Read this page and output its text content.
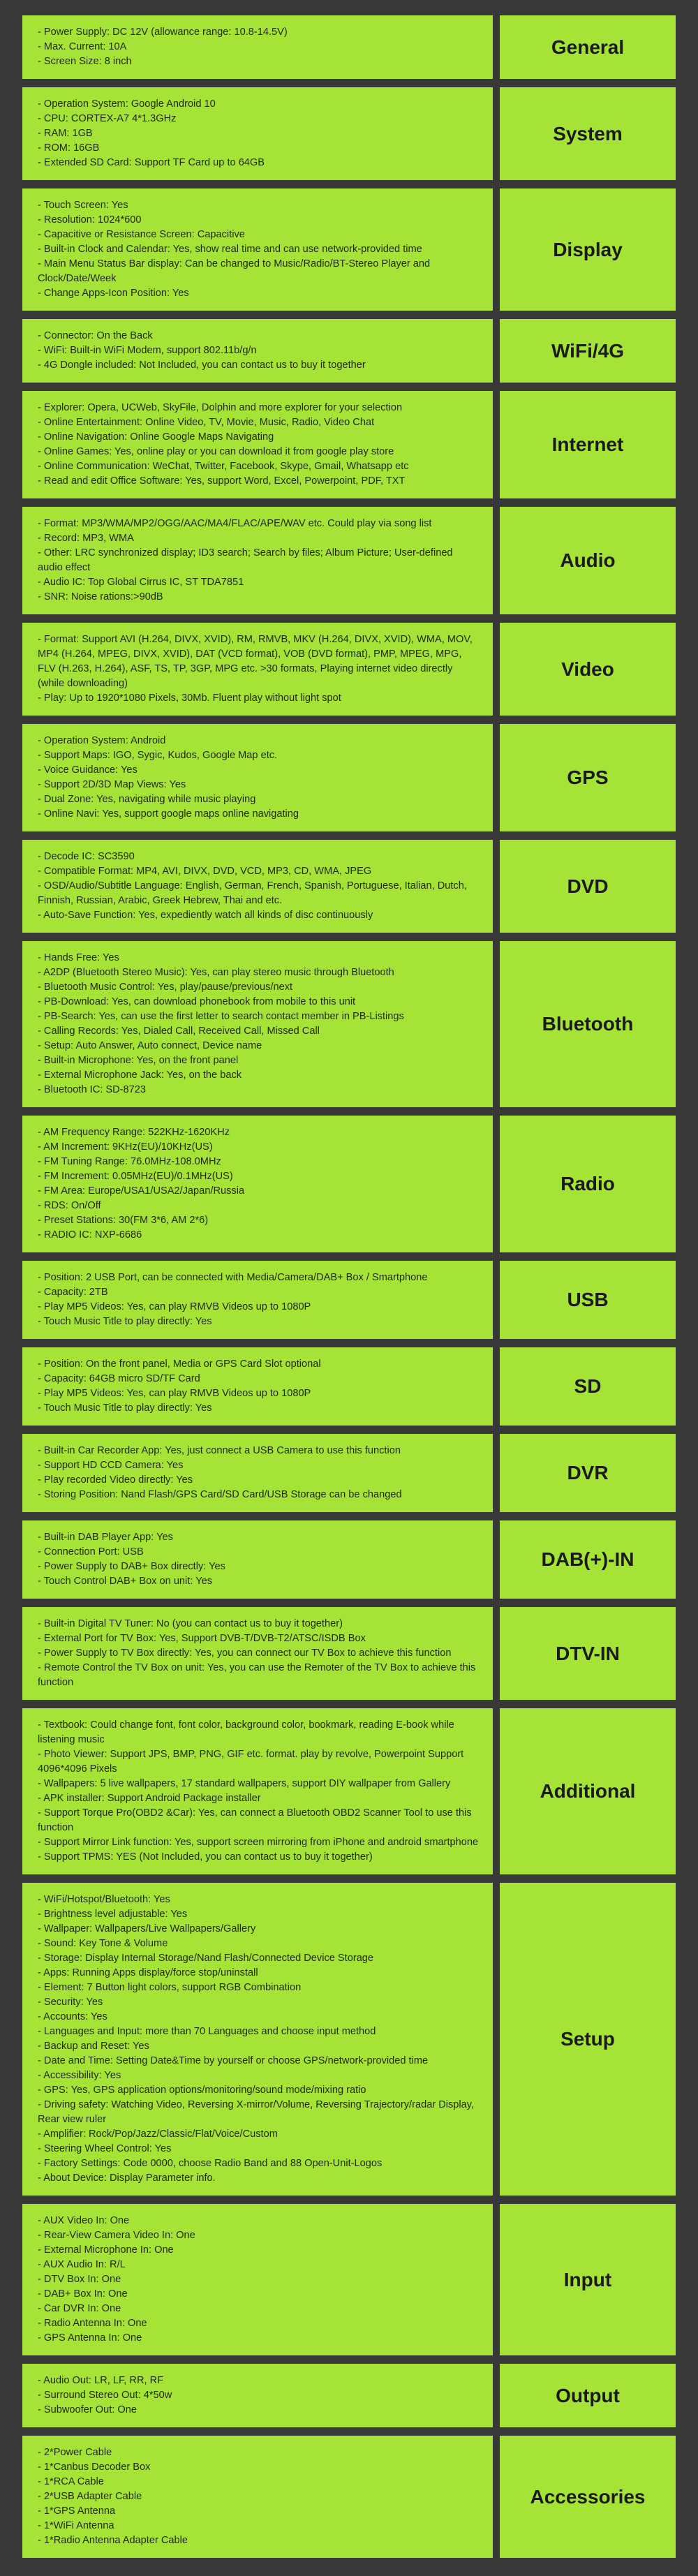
- Power Supply: DC 12V (allowance range: 10.8-14.5V)
- Max. Current: 10A
- Screen Size: 8 inch
General
- Operation System: Google Android 10
- CPU: CORTEX-A7 4*1.3GHz
- RAM: 1GB
- ROM: 16GB
- Extended SD Card: Support TF Card up to 64GB
System
- Touch Screen: Yes
- Resolution: 1024*600
- Capacitive or Resistance Screen: Capacitive
- Built-in Clock and Calendar: Yes, show real time and can use network-provided time
- Main Menu Status Bar display: Can be changed to Music/Radio/BT-Stereo Player and Clock/Date/Week
- Change Apps-Icon Position: Yes
Display
- Connector: On the Back
- WiFi: Built-in WiFi Modem, support 802.11b/g/n
- 4G Dongle included: Not Included, you can contact us to buy it together
WiFi/4G
- Explorer: Opera, UCWeb, SkyFile, Dolphin and more explorer for your selection
- Online Entertainment: Online Video, TV, Movie, Music, Radio, Video Chat
- Online Navigation: Online Google Maps Navigating
- Online Games: Yes, online play or you can download it from google play store
- Online Communication: WeChat, Twitter, Facebook, Skype, Gmail, Whatsapp etc
- Read and edit Office Software: Yes, support Word, Excel, Powerpoint, PDF, TXT
Internet
- Format: MP3/WMA/MP2/OGG/AAC/MA4/FLAC/APE/WAV etc. Could play via song list
- Record: MP3, WMA
- Other: LRC synchronized display; ID3 search; Search by files; Album Picture; User-defined audio effect
- Audio IC: Top Global Cirrus IC, ST TDA7851
- SNR: Noise rations:>90dB
Audio
- Format: Support AVI (H.264, DIVX, XVID), RM, RMVB, MKV (H.264, DIVX, XVID), WMA, MOV, MP4 (H.264, MPEG, DIVX, XVID), DAT (VCD format), VOB (DVD format), PMP, MPEG, MPG, FLV (H.263, H.264), ASF, TS, TP, 3GP, MPG etc. >30 formats, Playing internet video directly (while downloading)
- Play: Up to 1920*1080 Pixels, 30Mb. Fluent play without light spot
Video
- Operation System: Android
- Support Maps: IGO, Sygic, Kudos, Google Map etc.
- Voice Guidance: Yes
- Support 2D/3D Map Views: Yes
- Dual Zone: Yes, navigating while music playing
- Online Navi: Yes, support google maps online navigating
GPS
- Decode IC: SC3590
- Compatible Format: MP4, AVI, DIVX, DVD, VCD, MP3, CD, WMA, JPEG
- OSD/Audio/Subtitle Language: English, German, French, Spanish, Portuguese, Italian, Dutch, Finnish, Russian, Arabic, Greek Hebrew, Thai and etc.
- Auto-Save Function: Yes, expediently watch all kinds of disc continuously
DVD
- Hands Free: Yes
- A2DP (Bluetooth Stereo Music): Yes, can play stereo music through Bluetooth
- Bluetooth Music Control: Yes, play/pause/previous/next
- PB-Download: Yes, can download phonebook from mobile to this unit
- PB-Search: Yes, can use the first letter to search contact member in PB-Listings
- Calling Records: Yes, Dialed Call, Received Call, Missed Call
- Setup: Auto Answer, Auto connect, Device name
- Built-in Microphone: Yes, on the front panel
- External Microphone Jack: Yes, on the back
- Bluetooth IC: SD-8723
Bluetooth
- AM Frequency Range: 522KHz-1620KHz
- AM Increment: 9KHz(EU)/10KHz(US)
- FM Tuning Range: 76.0MHz-108.0MHz
- FM Increment: 0.05MHz(EU)/0.1MHz(US)
- FM Area: Europe/USA1/USA2/Japan/Russia
- RDS: On/Off
- Preset Stations: 30(FM 3*6, AM 2*6)
- RADIO IC: NXP-6686
Radio
- Position: 2 USB Port, can be connected with Media/Camera/DAB+ Box / Smartphone
- Capacity: 2TB
- Play MP5 Videos: Yes, can play RMVB Videos up to 1080P
- Touch Music Title to play directly: Yes
USB
- Position: On the front panel, Media or GPS Card Slot optional
- Capacity: 64GB micro SD/TF Card
- Play MP5 Videos: Yes, can play RMVB Videos up to 1080P
- Touch Music Title to play directly: Yes
SD
- Built-in Car Recorder App: Yes, just connect a USB Camera to use this function
- Support HD CCD Camera: Yes
- Play recorded Video directly: Yes
- Storing Position: Nand Flash/GPS Card/SD Card/USB Storage can be changed
DVR
- Built-in DAB Player App: Yes
- Connection Port: USB
- Power Supply to DAB+ Box directly: Yes
- Touch Control DAB+ Box on unit: Yes
DAB(+)-IN
- Built-in Digital TV Tuner: No (you can contact us to buy it together)
- External Port for TV Box: Yes, Support DVB-T/DVB-T2/ATSC/ISDB Box
- Power Supply to TV Box directly: Yes, you can connect our TV Box to achieve this function
- Remote Control the TV Box on unit: Yes, you can use the Remoter of the TV Box to achieve this function
DTV-IN
- Textbook: Could change font, font color, background color, bookmark, reading E-book while listening music
- Photo Viewer: Support JPS, BMP, PNG, GIF etc. format. play by revolve, Powerpoint Support 4096*4096 Pixels
- Wallpapers: 5 live wallpapers, 17 standard wallpapers, support DIY wallpaper from Gallery
- APK installer: Support Android Package installer
- Support Torque Pro(OBD2 &Car): Yes, can connect a Bluetooth OBD2 Scanner Tool to use this function
- Support Mirror Link function: Yes, support screen mirroring from iPhone and android smartphone
- Support TPMS: YES (Not Included, you can contact us to buy it together)
Additional
- WiFi/Hotspot/Bluetooth: Yes
- Brightness level adjustable: Yes
- Wallpaper: Wallpapers/Live Wallpapers/Gallery
- Sound: Key Tone & Volume
- Storage: Display Internal Storage/Nand Flash/Connected Device Storage
- Apps: Running Apps display/force stop/uninstall
- Element: 7 Button light colors, support RGB Combination
- Security: Yes
- Accounts: Yes
- Languages and Input: more than 70 Languages and choose input method
- Backup and Reset: Yes
- Date and Time: Setting Date&Time by yourself or choose GPS/network-provided time
- Accessibility: Yes
- GPS: Yes, GPS application options/monitoring/sound mode/mixing ratio
- Driving safety: Watching Video, Reversing X-mirror/Volume, Reversing Trajectory/radar Display, Rear view ruler
- Amplifier: Rock/Pop/Jazz/Classic/Flat/Voice/Custom
- Steering Wheel Control: Yes
- Factory Settings: Code 0000, choose Radio Band and 88 Open-Unit-Logos
- About Device: Display Parameter info.
Setup
- AUX Video In: One
- Rear-View Camera Video In: One
- External Microphone In: One
- AUX Audio In: R/L
- DTV Box In: One
- DAB+ Box In: One
- Car DVR In: One
- Radio Antenna In: One
- GPS Antenna In: One
Input
- Audio Out: LR, LF, RR, RF
- Surround Stereo Out: 4*50w
- Subwoofer Out: One
Output
- 2*Power Cable
- 1*Canbus Decoder Box
- 1*RCA Cable
- 2*USB Adapter Cable
- 1*GPS Antenna
- 1*WiFi Antenna
- 1*Radio Antenna Adapter Cable
Accessories
